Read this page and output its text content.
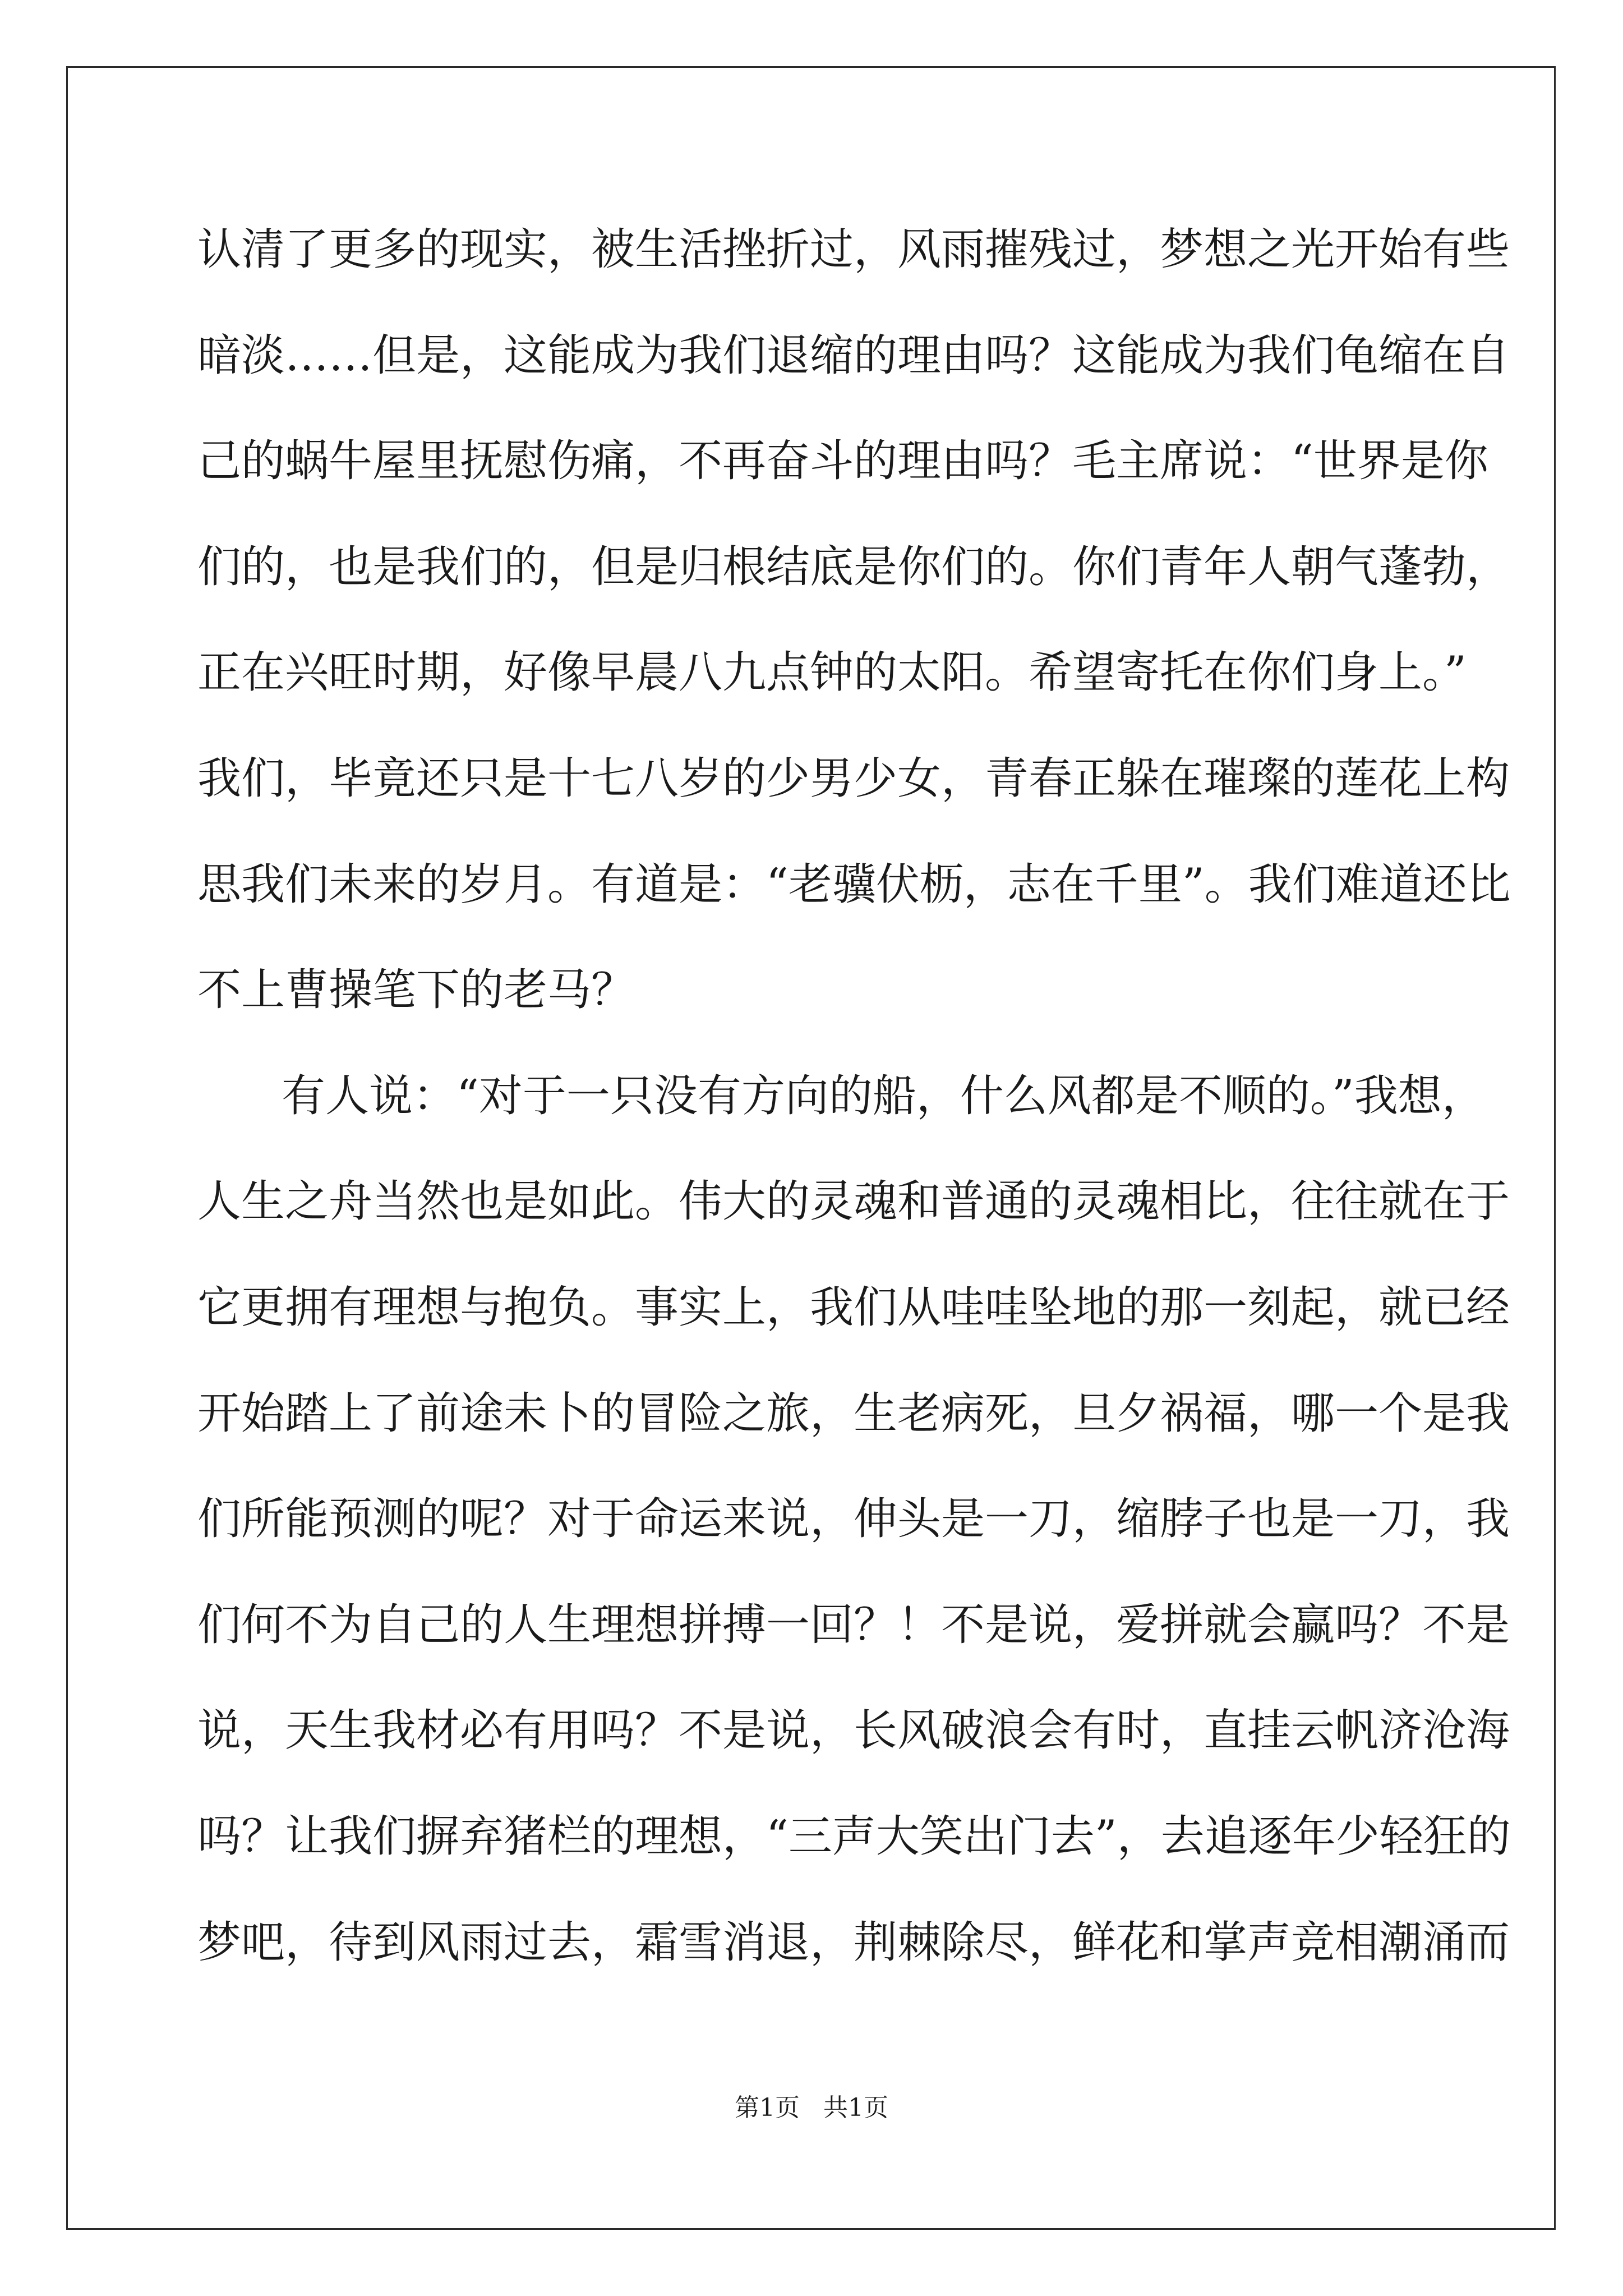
认清了更多的现实，被生活挫折过，风雨摧残过，梦想之光开始有些
暗淡……但是，这能成为我们退缩的理由吗？这能成为我们龟缩在自
己的蜗牛屋里抚慰伤痛，不再奋斗的理由吗？毛主席说：“世界是你
们的，也是我们的，但是归根结底是你们的。你们青年人朝气蓬勃，
正在兴旺时期，好像早晨八九点钟的太阳。希望寄托在你们身上。”
我们，毕竟还只是十七八岁的少男少女，青春正躲在璀璨的莲花上构
思我们未来的岁月。有道是：“老骥伏枥，志在千里”。我们难道还比
不上曹操笔下的老马？
有人说：“对于一只没有方向的船，什么风都是不顺的。”我想，
人生之舟当然也是如此。伟大的灵魂和普通的灵魂相比，往往就在于
它更拥有理想与抱负。事实上，我们从哇哇坠地的那一刻起，就已经
开始踏上了前途未卜的冒险之旅，生老病死，旦夕祸福，哪一个是我
们所能预测的呢？对于命运来说，伸头是一刀，缩脖子也是一刀，我
们何不为自己的人生理想拼搏一回？！不是说，爱拼就会赢吗？不是
说，天生我材必有用吗？不是说，长风破浪会有时，直挂云帆济沧海
吗？让我们摒弃猪栏的理想，“三声大笑出门去”，去追逐年少轻狂的
梦吧，待到风雨过去，霜雪消退，荆棘除尽，鲜花和掌声竞相潮涌而
第1页 共1页
